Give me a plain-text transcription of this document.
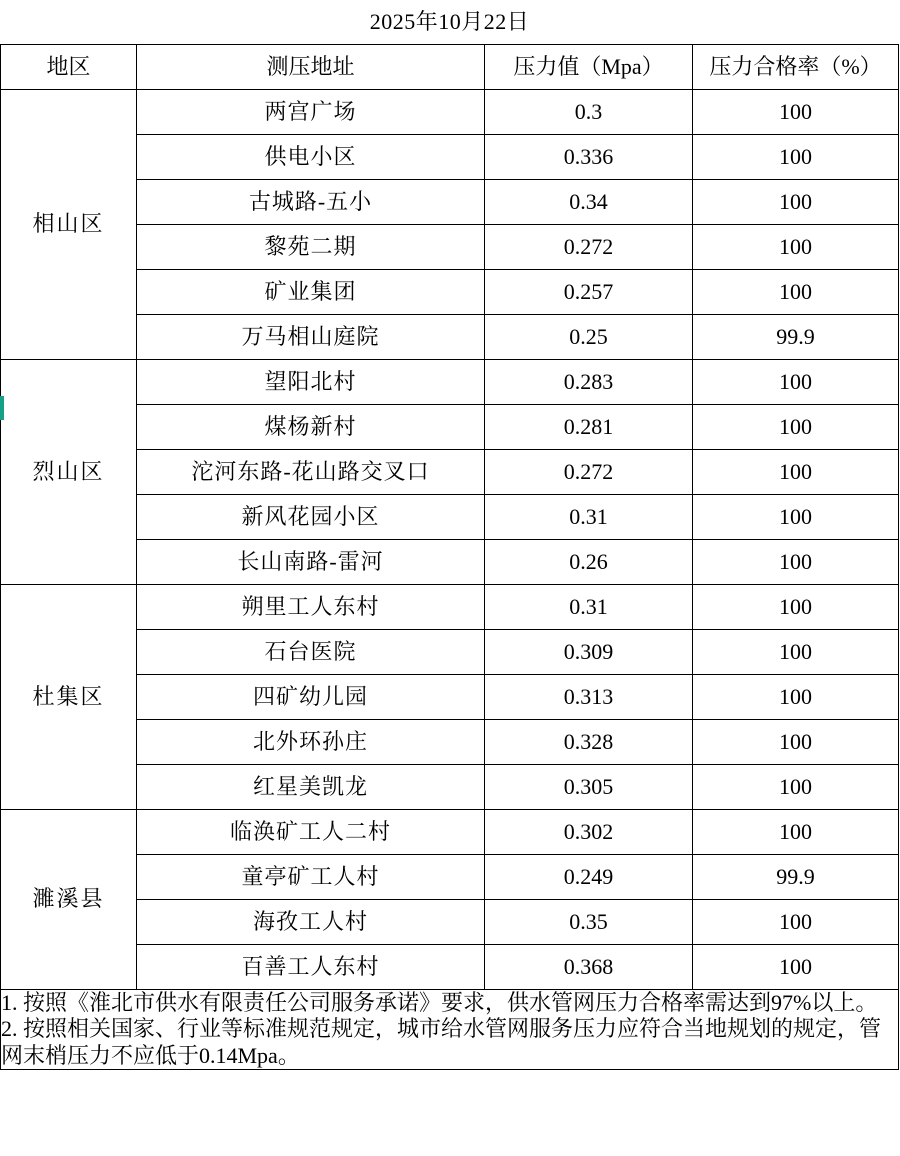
2025年10月22日			
地区	测压地址	压力值（Mpa）	压力合格率（%）
相山区	两宫广场	0.3	100
	供电小区	0.336	100
	古城路-五小	0.34	100
	黎苑二期	0.272	100
	矿业集团	0.257	100
	万马相山庭院	0.25	99.9
烈山区	望阳北村	0.283	100
	煤杨新村	0.281	100
	沱河东路-花山路交叉口	0.272	100
	新风花园小区	0.31	100
	长山南路-雷河	0.26	100
杜集区	朔里工人东村	0.31	100
	石台医院	0.309	100
	四矿幼儿园	0.313	100
	北外环孙庄	0.328	100
	红星美凯龙	0.305	100
濉溪县	临涣矿工人二村	0.302	100
	童亭矿工人村	0.249	99.9
	海孜工人村	0.35	100
	百善工人东村	0.368	100

1. 按照《淮北市供水有限责任公司服务承诺》要求，供水管网压力合格率需达到97%以上。
2. 按照相关国家、行业等标准规范规定，城市给水管网服务压力应符合当地规划的规定，管网末梢压力不应低于0.14Mpa。			
